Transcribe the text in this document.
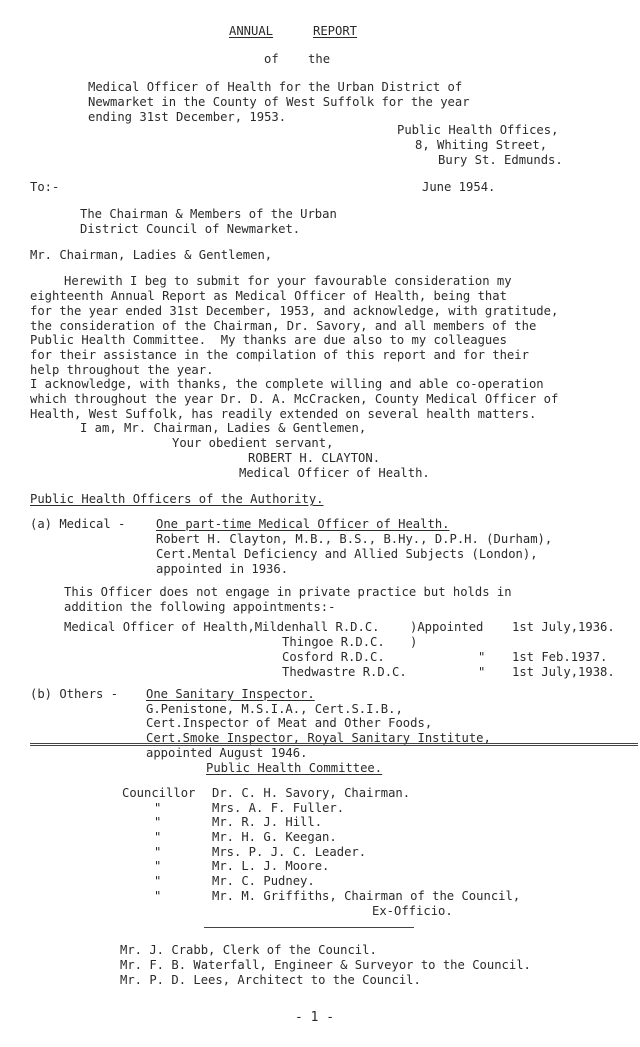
ANNUAL	REPORT
of    the
Medical Officer of Health for the Urban District of
Newmarket in the County of West Suffolk for the year
ending 31st December, 1953.
Public Health Offices,
8, Whiting Street,
Bury St. Edmunds.
To:-	June 1954.
The Chairman & Members of the Urban
District Council of Newmarket.
Mr. Chairman, Ladies & Gentlemen,
Herewith I beg to submit for your favourable consideration my
eighteenth Annual Report as Medical Officer of Health, being that
for the year ended 31st December, 1953, and acknowledge, with gratitude,
the consideration of the Chairman, Dr. Savory, and all members of the
Public Health Committee.  My thanks are due also to my colleagues
for their assistance in the compilation of this report and for their
help throughout the year.
I acknowledge, with thanks, the complete willing and able co-operation
which throughout the year Dr. D. A. McCracken, County Medical Officer of
Health, West Suffolk, has readily extended on several health matters.
I am, Mr. Chairman, Ladies & Gentlemen,
Your obedient servant,
ROBERT H. CLAYTON.
Medical Officer of Health.
Public Health Officers of the Authority.
(a) Medical -	One part-time Medical Officer of Health.
Robert H. Clayton, M.B., B.S., B.Hy., D.P.H. (Durham),
Cert.Mental Deficiency and Allied Subjects (London),
appointed in 1936.
This Officer does not engage in private practice but holds in
addition the following appointments:-
Medical Officer of Health,Mildenhall R.D.C. )Appointed 1st July,1936.
Thingoe R.D.C. )
Cosford R.D.C.	" 1st Feb.1937.
Thedwastre R.D.C.	" 1st July,1938.
(b) Others - One Sanitary Inspector.
G.Penistone, M.S.I.A., Cert.S.I.B.,
Cert.Inspector of Meat and Other Foods,
Cert.Smoke Inspector, Royal Sanitary Institute,
appointed August 1946.
Public Health Committee.
Councillor Dr. C. H. Savory, Chairman.
"	Mrs. A. F. Fuller.
"	Mr. R. J. Hill.
"	Mr. H. G. Keegan.
"	Mrs. P. J. C. Leader.
"	Mr. L. J. Moore.
"	Mr. C. Pudney.
"	Mr. M. Griffiths, Chairman of the Council,
Ex-Officio.
Mr. J. Crabb, Clerk of the Council.
Mr. F. B. Waterfall, Engineer & Surveyor to the Council.
Mr. P. D. Lees, Architect to the Council.
- 1 -
